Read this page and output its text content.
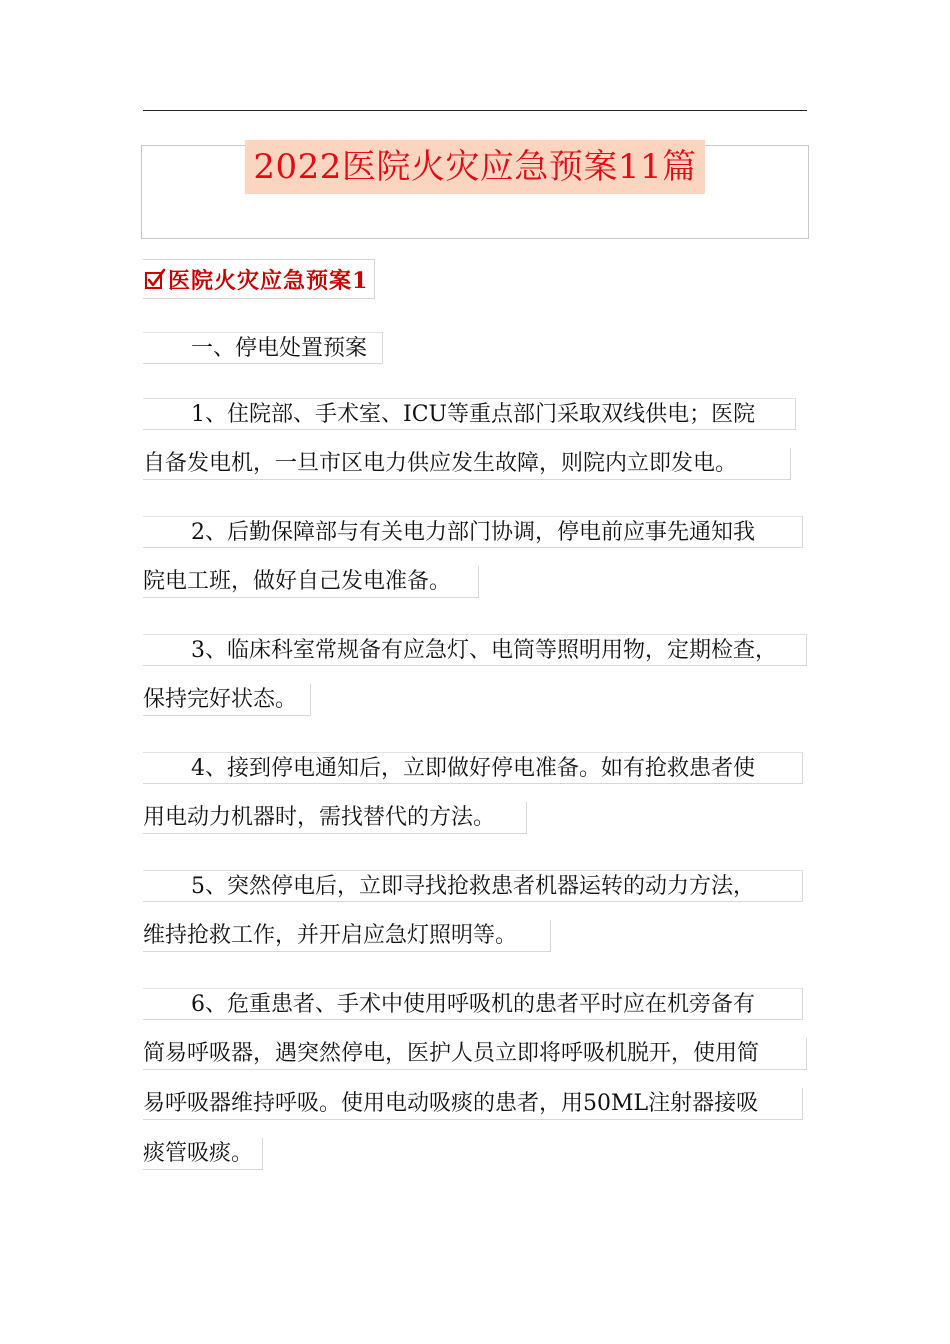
2022医院火灾应急预案11篇
医院火灾应急预案1
一、停电处置预案
1、住院部、手术室、ICU等重点部门采取双线供电；医院
自备发电机，一旦市区电力供应发生故障，则院内立即发电。
2、后勤保障部与有关电力部门协调，停电前应事先通知我
院电工班，做好自己发电准备。
3、临床科室常规备有应急灯、电筒等照明用物，定期检查，
保持完好状态。
4、接到停电通知后，立即做好停电准备。如有抢救患者使
用电动力机器时，需找替代的方法。
5、突然停电后，立即寻找抢救患者机器运转的动力方法，
维持抢救工作，并开启应急灯照明等。
6、危重患者、手术中使用呼吸机的患者平时应在机旁备有
简易呼吸器，遇突然停电，医护人员立即将呼吸机脱开，使用简
易呼吸器维持呼吸。使用电动吸痰的患者，用50ML注射器接吸
痰管吸痰。
